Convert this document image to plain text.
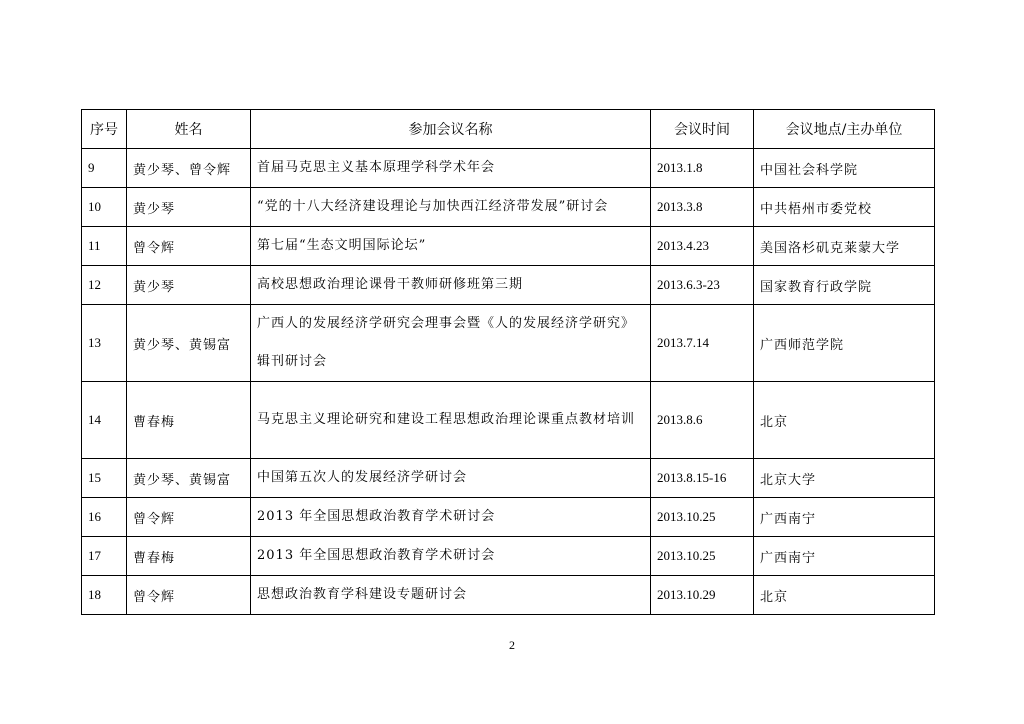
序号	姓名	参加会议名称	会议时间	会议地点/主办单位
9	黄少琴、曾令辉	首届马克思主义基本原理学科学术年会	2013.1.8	中国社会科学院
10	黄少琴	“党的十八大经济建设理论与加快西江经济带发展”研讨会	2013.3.8	中共梧州市委党校
11	曾令辉	第七届“生态文明国际论坛”	2013.4.23	美国洛杉矶克莱蒙大学
12	黄少琴	高校思想政治理论课骨干教师研修班第三期	2013.6.3-23	国家教育行政学院
13	黄少琴、黄锡富	广西人的发展经济学研究会理事会暨《人的发展经济学研究》 辑刊研讨会	2013.7.14	广西师范学院
14	曹春梅	马克思主义理论研究和建设工程思想政治理论课重点教材培训	2013.8.6	北京
15	黄少琴、黄锡富	中国第五次人的发展经济学研讨会	2013.8.15-16	北京大学
16	曾令辉	2013 年全国思想政治教育学术研讨会	2013.10.25	广西南宁
17	曹春梅	2013 年全国思想政治教育学术研讨会	2013.10.25	广西南宁
18	曾令辉	思想政治教育学科建设专题研讨会	2013.10.29	北京
2
